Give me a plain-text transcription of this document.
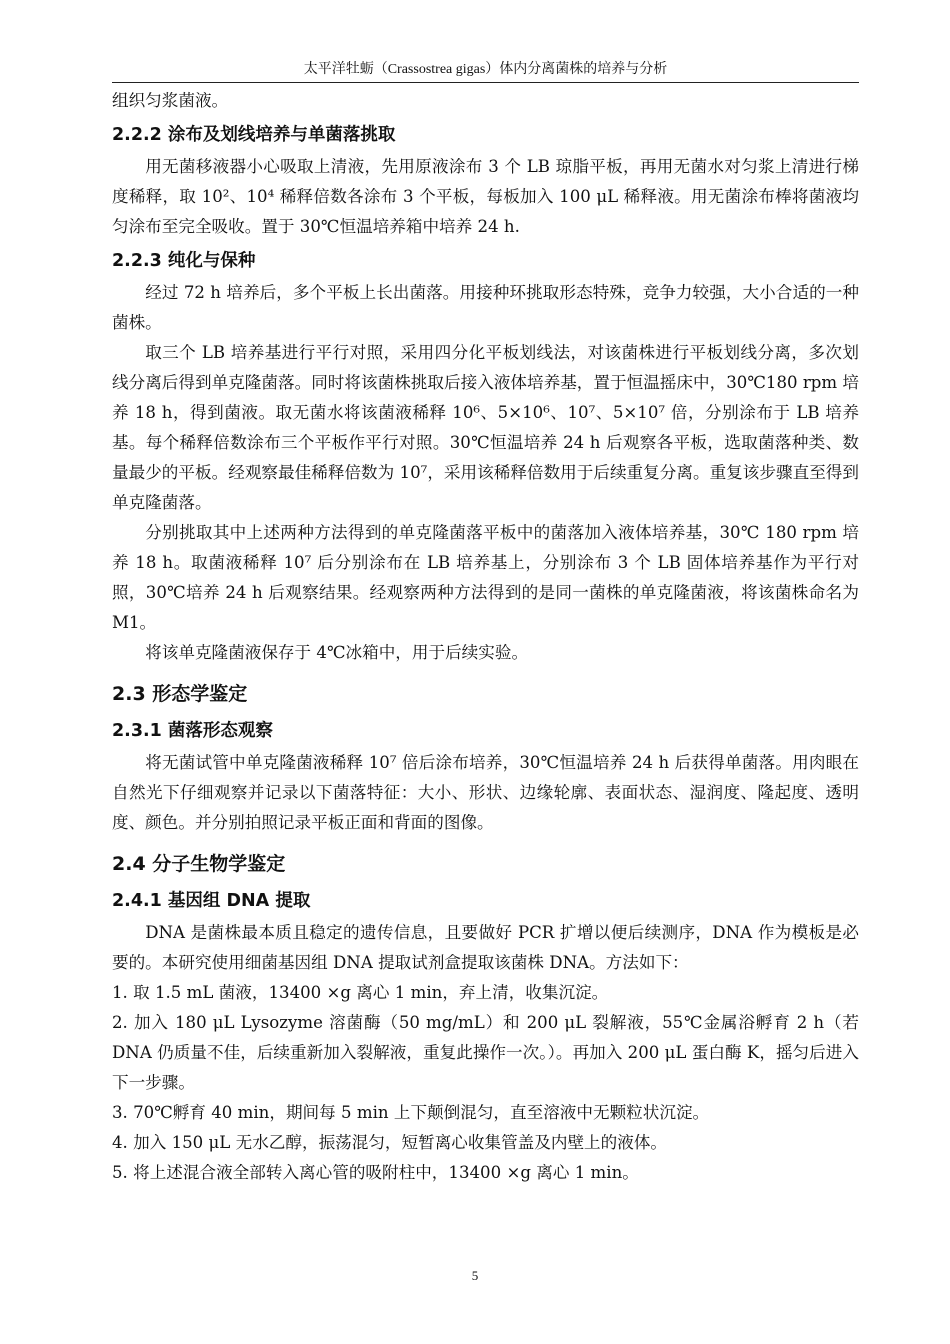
太平洋牡蛎（Crassostrea gigas）体内分离菌株的培养与分析

组织匀浆菌液。

2.2.2 涂布及划线培养与单菌落挑取

用无菌移液器小心吸取上清液，先用原液涂布 3 个 LB 琼脂平板，再用无菌水对匀浆上清进行梯度稀释，取 10²、10⁴ 稀释倍数各涂布 3 个平板，每板加入 100 μL 稀释液。用无菌涂布棒将菌液均匀涂布至完全吸收。置于 30℃恒温培养箱中培养 24 h.

2.2.3 纯化与保种

经过 72 h 培养后，多个平板上长出菌落。用接种环挑取形态特殊，竞争力较强，大小合适的一种菌株。

取三个 LB 培养基进行平行对照，采用四分化平板划线法，对该菌株进行平板划线分离，多次划线分离后得到单克隆菌落。同时将该菌株挑取后接入液体培养基，置于恒温摇床中，30℃180 rpm 培养 18 h，得到菌液。取无菌水将该菌液稀释 10⁶、5×10⁶、10⁷、5×10⁷ 倍，分别涂布于 LB 培养基。每个稀释倍数涂布三个平板作平行对照。30℃恒温培养 24 h 后观察各平板，选取菌落种类、数量最少的平板。经观察最佳稀释倍数为 10⁷，采用该稀释倍数用于后续重复分离。重复该步骤直至得到单克隆菌落。

分别挑取其中上述两种方法得到的单克隆菌落平板中的菌落加入液体培养基，30℃ 180 rpm 培养 18 h。取菌液稀释 10⁷ 后分别涂布在 LB 培养基上，分别涂布 3 个 LB 固体培养基作为平行对照，30℃培养 24 h 后观察结果。经观察两种方法得到的是同一菌株的单克隆菌液，将该菌株命名为 M1。

将该单克隆菌液保存于 4℃冰箱中，用于后续实验。

2.3 形态学鉴定
2.3.1 菌落形态观察

将无菌试管中单克隆菌液稀释 10⁷ 倍后涂布培养，30℃恒温培养 24 h 后获得单菌落。用肉眼在自然光下仔细观察并记录以下菌落特征：大小、形状、边缘轮廓、表面状态、湿润度、隆起度、透明度、颜色。并分别拍照记录平板正面和背面的图像。

2.4 分子生物学鉴定
2.4.1 基因组 DNA 提取

DNA 是菌株最本质且稳定的遗传信息，且要做好 PCR 扩增以便后续测序，DNA 作为模板是必要的。本研究使用细菌基因组 DNA 提取试剂盒提取该菌株 DNA。方法如下：

1. 取 1.5 mL 菌液，13400 ×g 离心 1 min，弃上清，收集沉淀。

2. 加入 180 μL Lysozyme 溶菌酶（50 mg/mL）和 200 μL 裂解液，55℃金属浴孵育 2 h（若 DNA 仍质量不佳，后续重新加入裂解液，重复此操作一次。）。再加入 200 μL 蛋白酶 K，摇匀后进入下一步骤。

3. 70℃孵育 40 min，期间每 5 min 上下颠倒混匀，直至溶液中无颗粒状沉淀。

4. 加入 150 μL 无水乙醇，振荡混匀，短暂离心收集管盖及内壁上的液体。

5. 将上述混合液全部转入离心管的吸附柱中，13400 ×g 离心 1 min。

5
